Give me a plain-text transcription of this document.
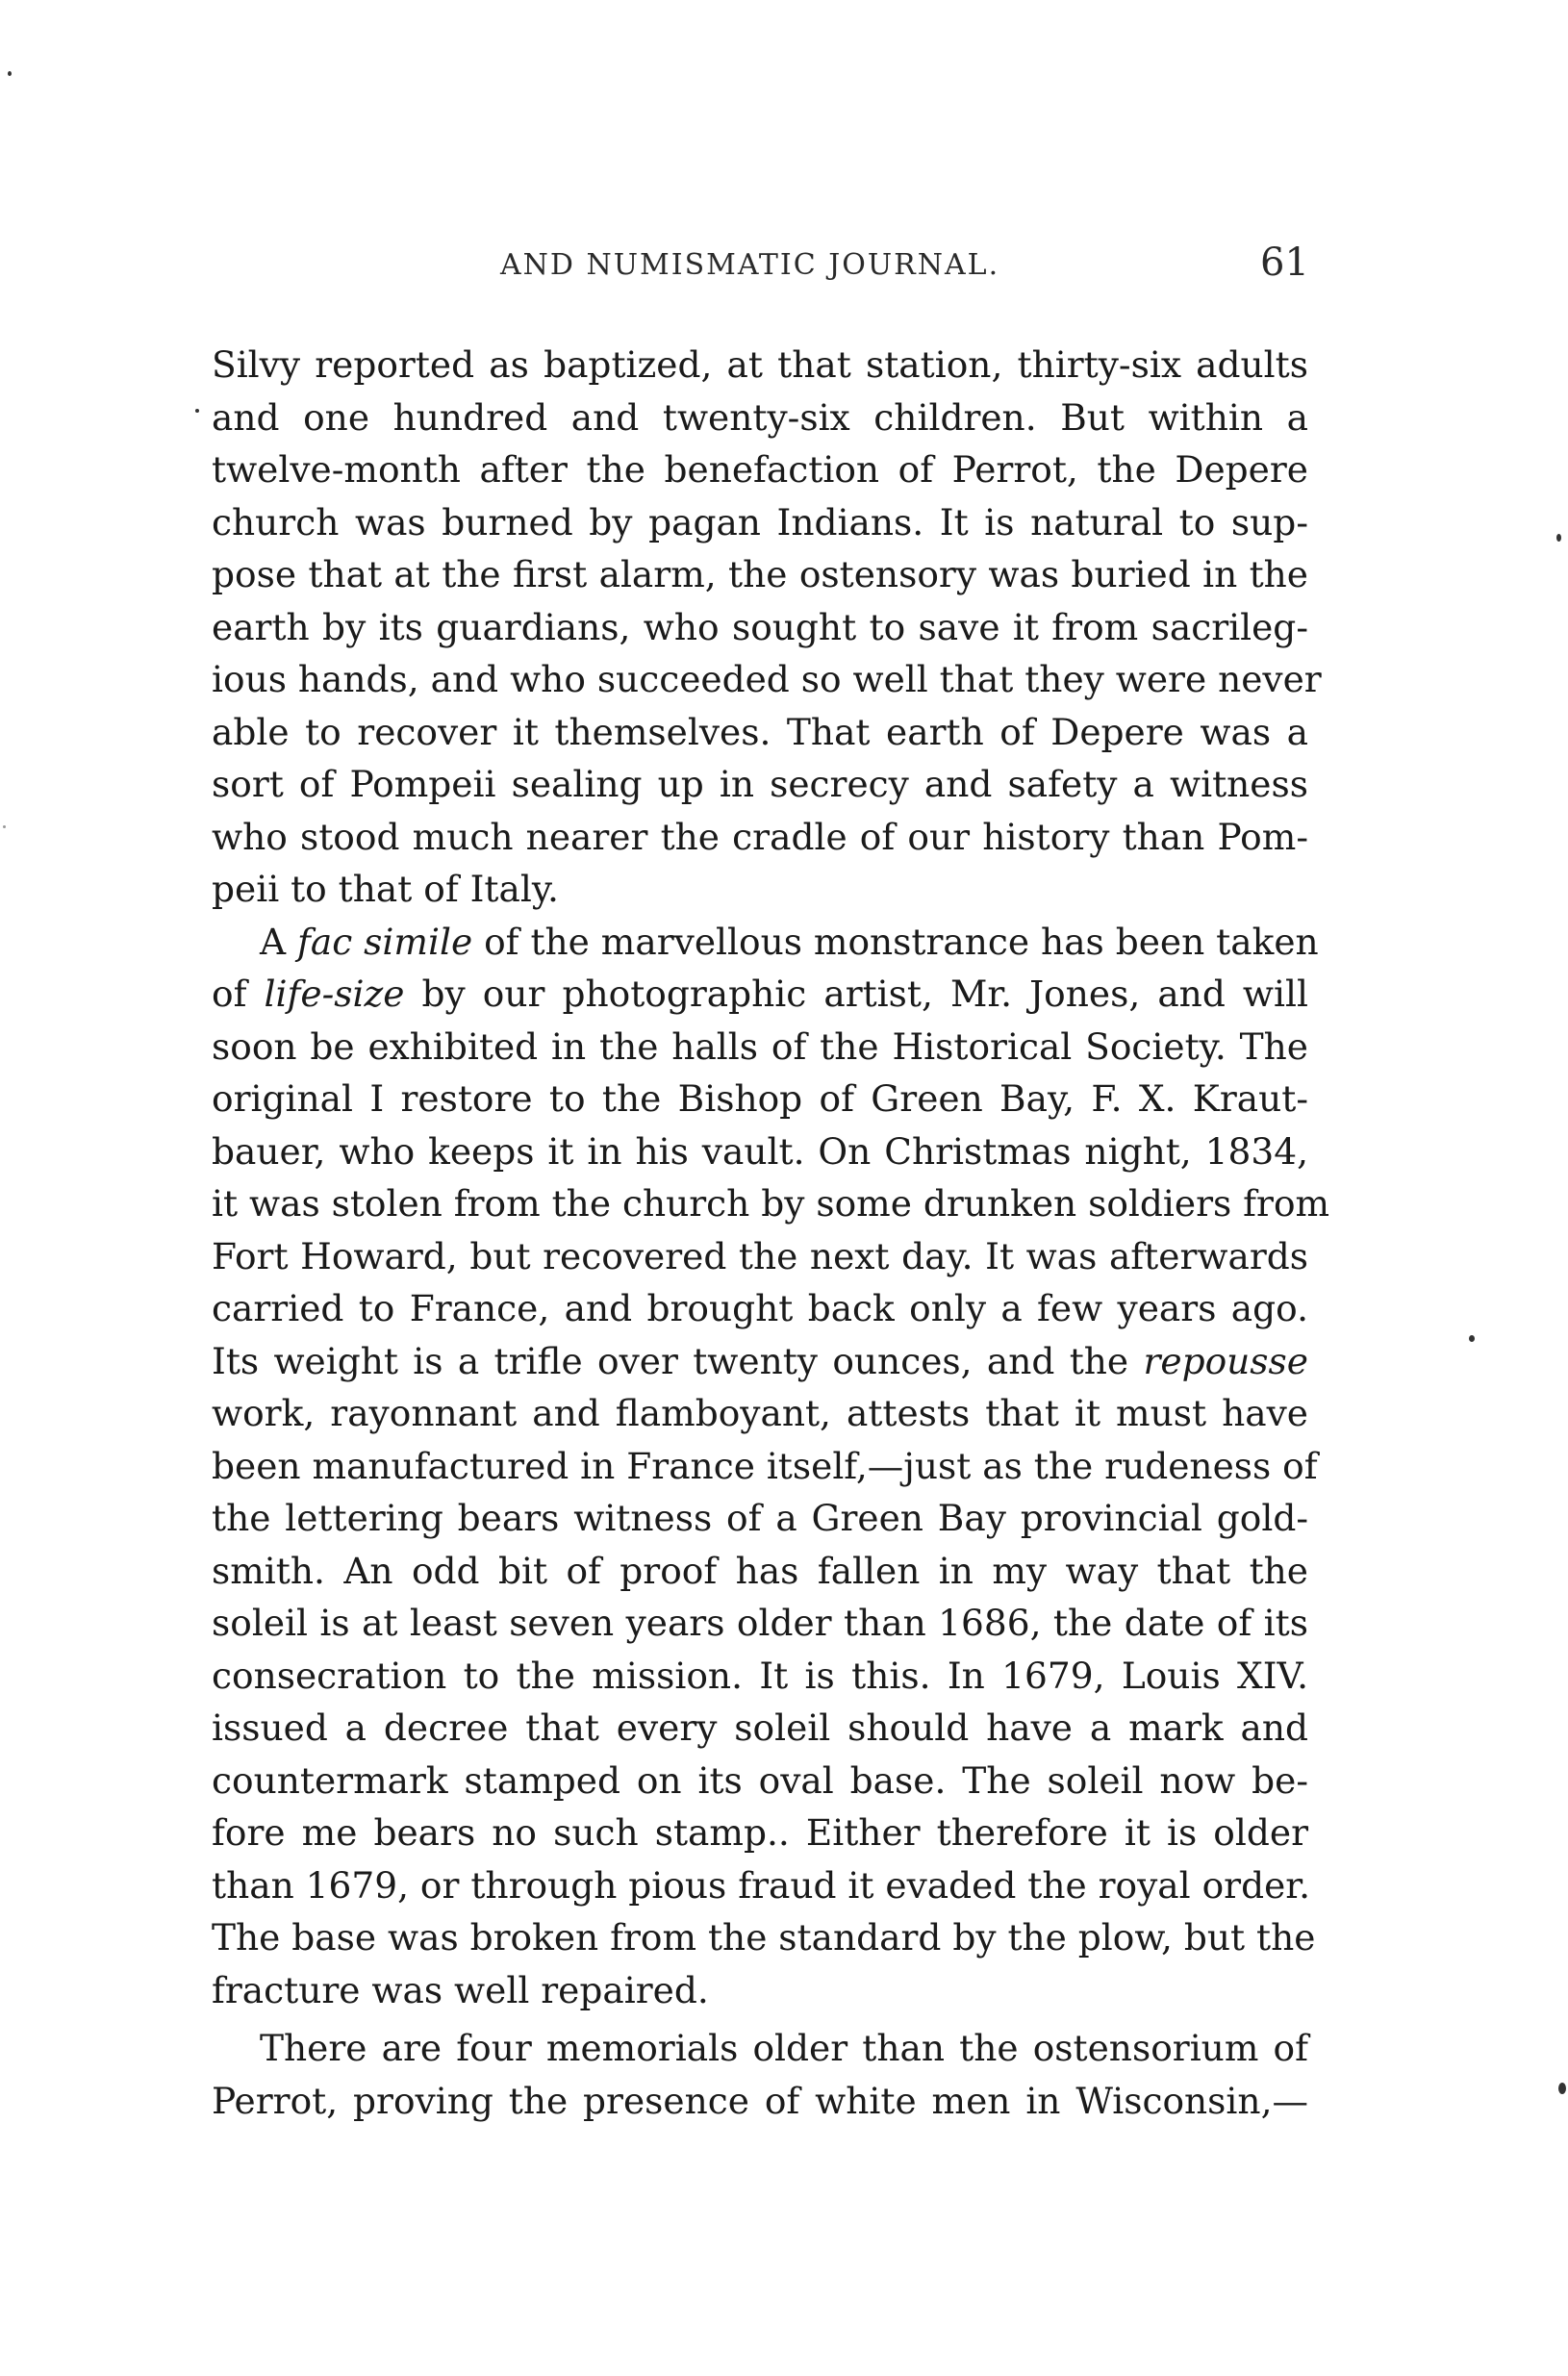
AND NUMISMATIC JOURNAL.	61

Silvy reported as baptized, at that station, thirty-six adults
and one hundred and twenty-six children. But within a
twelve-month after the benefaction of Perrot, the Depere
church was burned by pagan Indians. It is natural to sup-
pose that at the first alarm, the ostensory was buried in the
earth by its guardians, who sought to save it from sacrileg-
ious hands, and who succeeded so well that they were never
able to recover it themselves. That earth of Depere was a
sort of Pompeii sealing up in secrecy and safety a witness
who stood much nearer the cradle of our history than Pom-
peii to that of Italy.

A fac simile of the marvellous monstrance has been taken
of life-size by our photographic artist, Mr. Jones, and will
soon be exhibited in the halls of the Historical Society. The
original I restore to the Bishop of Green Bay, F. X. Kraut-
bauer, who keeps it in his vault. On Christmas night, 1834,
it was stolen from the church by some drunken soldiers from
Fort Howard, but recovered the next day. It was afterwards
carried to France, and brought back only a few years ago.
Its weight is a trifle over twenty ounces, and the repousse
work, rayonnant and flamboyant, attests that it must have
been manufactured in France itself,—just as the rudeness of
the lettering bears witness of a Green Bay provincial gold-
smith. An odd bit of proof has fallen in my way that the
soleil is at least seven years older than 1686, the date of its
consecration to the mission. It is this. In 1679, Louis XIV.
issued a decree that every soleil should have a mark and
countermark stamped on its oval base. The soleil now be-
fore me bears no such stamp.. Either therefore it is older
than 1679, or through pious fraud it evaded the royal order.
The base was broken from the standard by the plow, but the
fracture was well repaired.

There are four memorials older than the ostensorium of
Perrot, proving the presence of white men in Wisconsin,—
